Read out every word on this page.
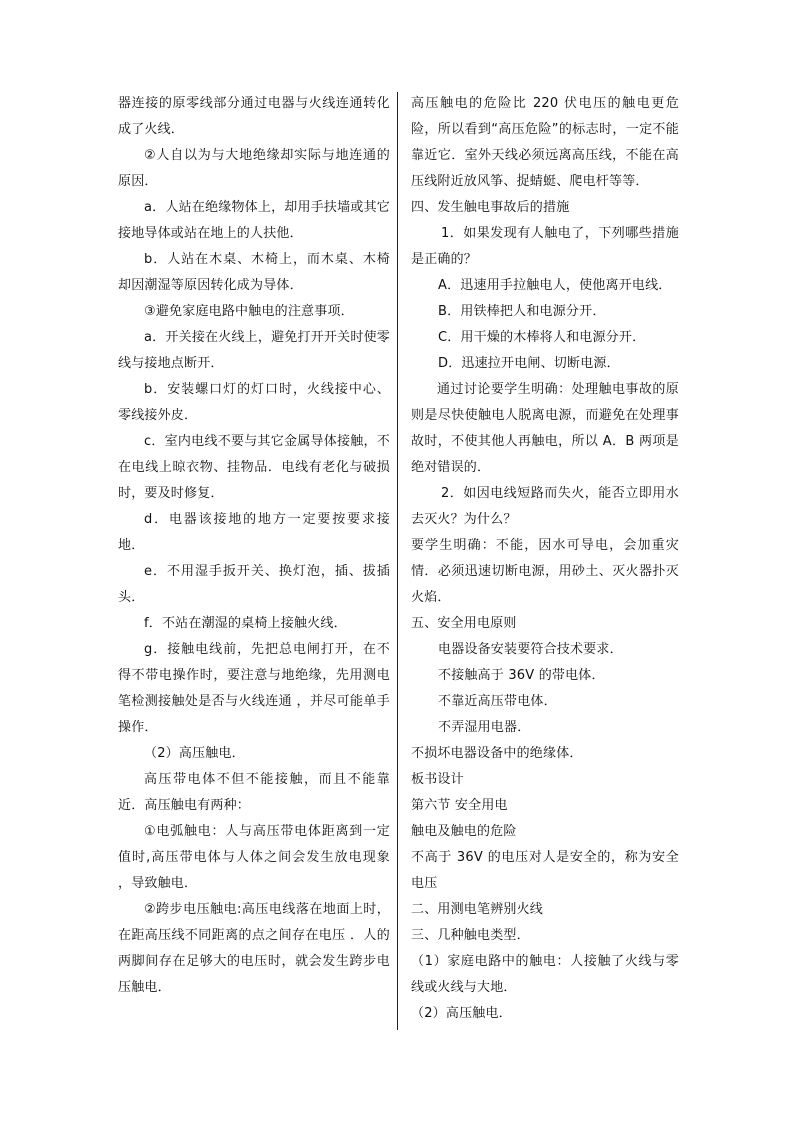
器连接的原零线部分通过电器与火线连通转化成了火线．

②人自以为与大地绝缘却实际与地连通的原因．

a．人站在绝缘物体上，却用手扶墙或其它接地导体或站在地上的人扶他．

b．人站在木桌、木椅上，而木桌、木椅却因潮湿等原因转化成为导体．

③避免家庭电路中触电的注意事项．

a．开关接在火线上，避免打开开关时使零线与接地点断开．

b．安装螺口灯的灯口时，火线接中心、零线接外皮．

c．室内电线不要与其它金属导体接触，不在电线上晾衣物、挂物品．电线有老化与破损时，要及时修复．

d．电器该接地的地方一定要按要求接地．

e．不用湿手扳开关、换灯泡，插、拔插头．

f．不站在潮湿的桌椅上接触火线．

g．接触电线前，先把总电闸打开，在不得不带电操作时，要注意与地绝缘，先用测电笔检测接触处是否与火线连通 ，并尽可能单手操作．

（2）高压触电．

高压带电体不但不能接触，而且不能靠近．高压触电有两种：

①电弧触电：人与高压带电体距离到一定值时,高压带电体与人体之间会发生放电现象 ，导致触电．

②跨步电压触电:高压电线落在地面上时，在距高压线不同距离的点之间存在电压 ．人的两脚间存在足够大的电压时，就会发生跨步电压触电．

高压触电的危险比 220 伏电压的触电更危险，所以看到“高压危险”的标志时，一定不能靠近它．室外天线必须远离高压线，不能在高压线附近放风筝、捉蜻蜓、爬电杆等等．

四、发生触电事故后的措施

1．如果发现有人触电了，下列哪些措施是正确的？

A．迅速用手拉触电人，使他离开电线．

B．用铁棒把人和电源分开．

C．用干燥的木棒将人和电源分开．

D．迅速拉开电闸、切断电源．

通过讨论要学生明确：处理触电事故的原则是尽快使触电人脱离电源，而避免在处理事故时，不使其他人再触电，所以 A．B 两项是绝对错误的．

2．如因电线短路而失火，能否立即用水去灭火？为什么？

要学生明确：不能，因水可导电，会加重灾情．必须迅速切断电源，用砂土、灭火器扑灭火焰．

五、安全用电原则

电器设备安装要符合技术要求．

不接触高于 36V 的带电体．

不靠近高压带电体．

不弄湿用电器．

不损坏电器设备中的绝缘体．

板书设计

第六节 安全用电

触电及触电的危险

不高于 36V 的电压对人是安全的，称为安全电压

二、用测电笔辨别火线

三、几种触电类型．

（1）家庭电路中的触电：人接触了火线与零线或火线与大地．

（2）高压触电．
